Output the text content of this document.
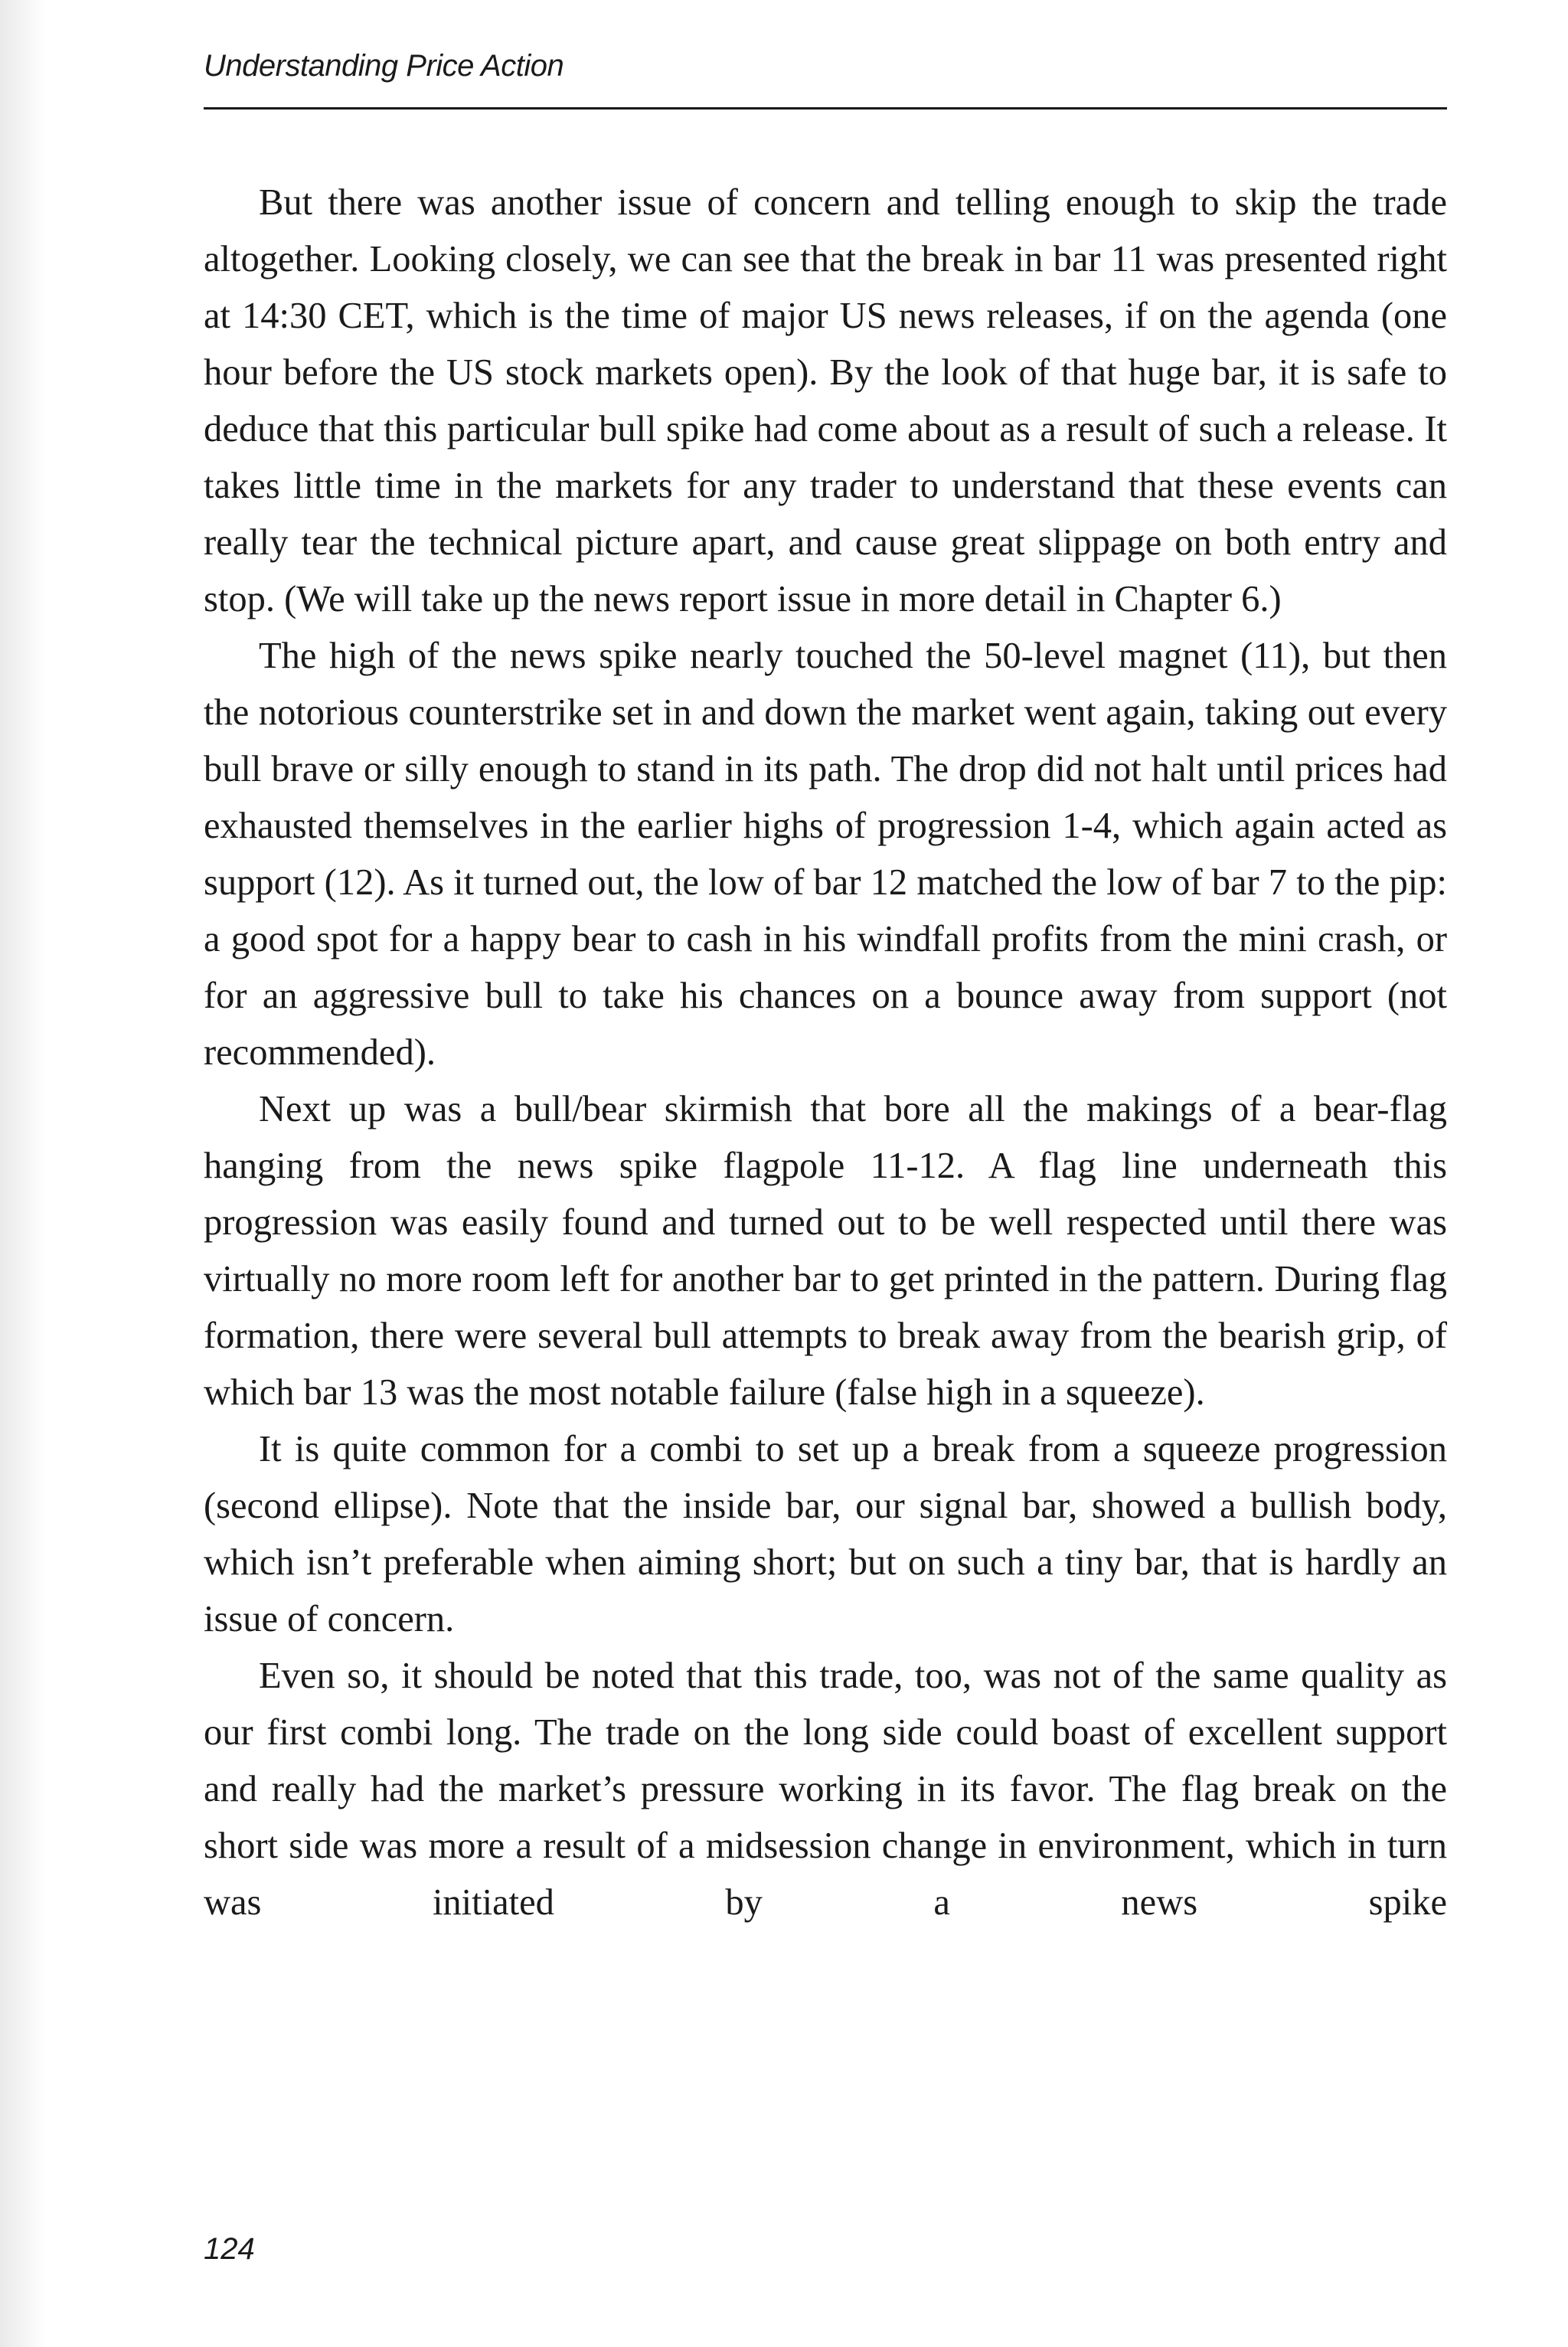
Understanding Price Action

But there was another issue of concern and telling enough to skip the trade altogether. Looking closely, we can see that the break in bar 11 was presented right at 14:30 CET, which is the time of major US news releases, if on the agenda (one hour before the US stock markets open). By the look of that huge bar, it is safe to deduce that this particular bull spike had come about as a result of such a release. It takes little time in the markets for any trader to understand that these events can really tear the technical picture apart, and cause great slippage on both entry and stop. (We will take up the news report issue in more detail in Chapter 6.)

The high of the news spike nearly touched the 50-level magnet (11), but then the notorious counterstrike set in and down the market went again, taking out every bull brave or silly enough to stand in its path. The drop did not halt until prices had exhausted themselves in the earlier highs of progression 1-4, which again acted as support (12). As it turned out, the low of bar 12 matched the low of bar 7 to the pip: a good spot for a happy bear to cash in his windfall profits from the mini crash, or for an aggressive bull to take his chances on a bounce away from support (not recommended).

Next up was a bull/bear skirmish that bore all the makings of a bear-flag hanging from the news spike flagpole 11-12. A flag line underneath this progression was easily found and turned out to be well respected until there was virtually no more room left for another bar to get printed in the pattern. During flag formation, there were several bull attempts to break away from the bearish grip, of which bar 13 was the most notable failure (false high in a squeeze).

It is quite common for a combi to set up a break from a squeeze progression (second ellipse). Note that the inside bar, our signal bar, showed a bullish body, which isn’t preferable when aiming short; but on such a tiny bar, that is hardly an issue of concern.

Even so, it should be noted that this trade, too, was not of the same quality as our first combi long. The trade on the long side could boast of excellent support and really had the market’s pressure working in its favor. The flag break on the short side was more a result of a midsession change in environment, which in turn was initiated by a news spike

124
